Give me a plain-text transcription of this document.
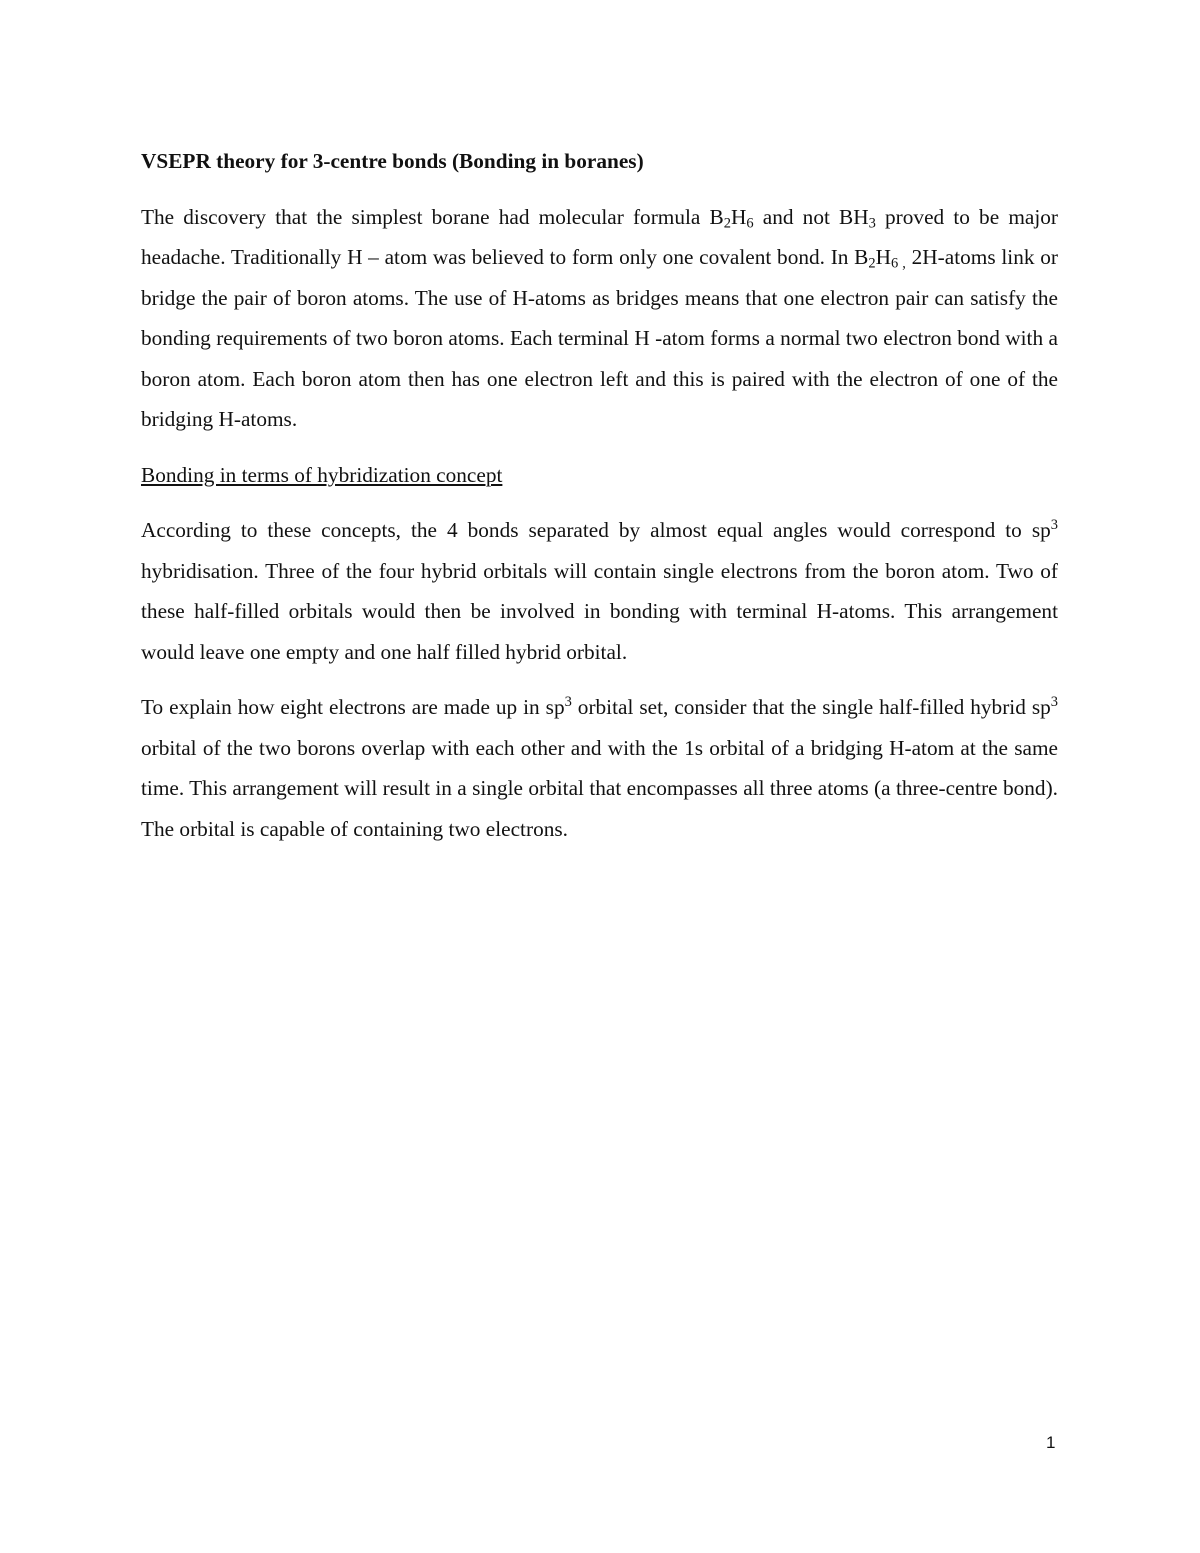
VSEPR theory for 3-centre bonds (Bonding in boranes)

The discovery that the simplest borane had molecular formula $B_2H_6$ and not $BH_3$ proved to be major headache. Traditionally H – atom was believed to form only one covalent bond. In $B_2H_{6 ,}$ 2H-atoms link or bridge the pair of boron atoms. The use of H-atoms as bridges means that one electron pair can satisfy the bonding requirements of two boron atoms. Each terminal H -atom forms a normal two electron bond with a boron atom. Each boron atom then has one electron left and this is paired with the electron of one of the bridging H-atoms.

Bonding in terms of hybridization concept

According to these concepts, the 4 bonds separated by almost equal angles would correspond to $sp^3$ hybridisation. Three of the four hybrid orbitals will contain single electrons from the boron atom. Two of these half-filled orbitals would then be involved in bonding with terminal H-atoms. This arrangement would leave one empty and one half filled hybrid orbital.

To explain how eight electrons are made up in $sp^3$ orbital set, consider that the single half-filled hybrid $sp^3$ orbital of the two borons overlap with each other and with the 1s orbital of a bridging H-atom at the same time. This arrangement will result in a single orbital that encompasses all three atoms (a three-centre bond). The orbital is capable of containing two electrons.

1
